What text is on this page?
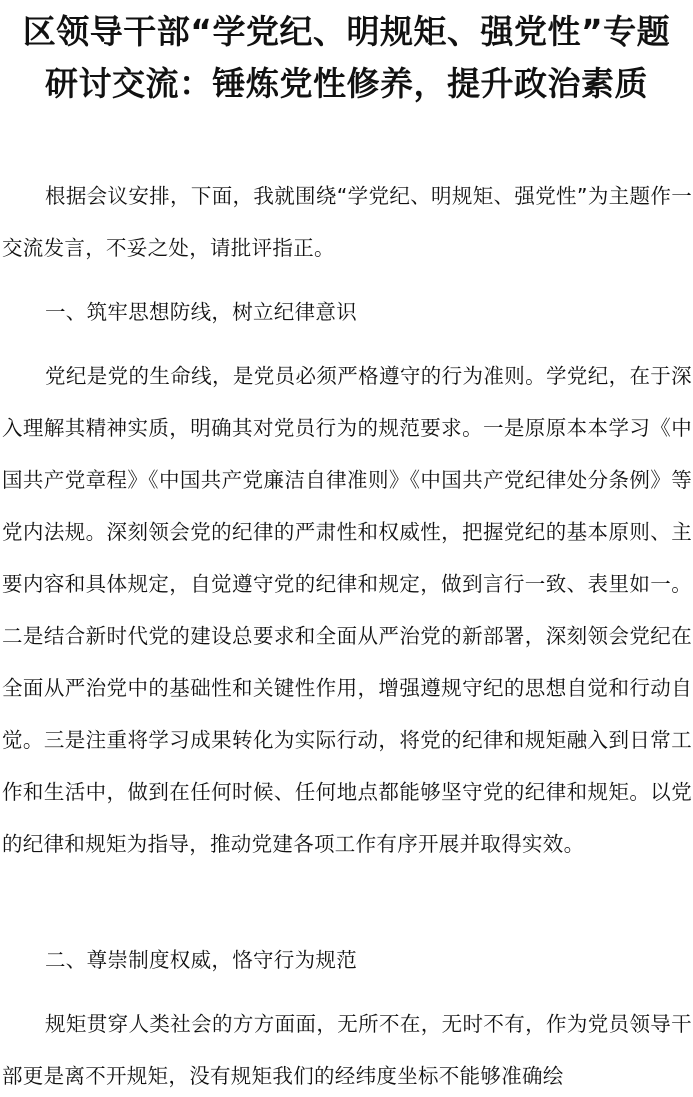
区领导干部“学党纪、明规矩、强党性”专题研讨交流：锤炼党性修养，提升政治素质

根据会议安排，下面，我就围绕“学党纪、明规矩、强党性”为主题作一交流发言，不妥之处，请批评指正。

一、筑牢思想防线，树立纪律意识

党纪是党的生命线，是党员必须严格遵守的行为准则。学党纪，在于深入理解其精神实质，明确其对党员行为的规范要求。一是原原本本学习《中国共产党章程》《中国共产党廉洁自律准则》《中国共产党纪律处分条例》等党内法规。深刻领会党的纪律的严肃性和权威性，把握党纪的基本原则、主要内容和具体规定，自觉遵守党的纪律和规定，做到言行一致、表里如一。二是结合新时代党的建设总要求和全面从严治党的新部署，深刻领会党纪在全面从严治党中的基础性和关键性作用，增强遵规守纪的思想自觉和行动自觉。三是注重将学习成果转化为实际行动，将党的纪律和规矩融入到日常工作和生活中，做到在任何时候、任何地点都能够坚守党的纪律和规矩。以党的纪律和规矩为指导，推动党建各项工作有序开展并取得实效。

二、尊崇制度权威，恪守行为规范

规矩贯穿人类社会的方方面面，无所不在，无时不有，作为党员领导干部更是离不开规矩，没有规矩我们的经纬度坐标不能够准确绘
